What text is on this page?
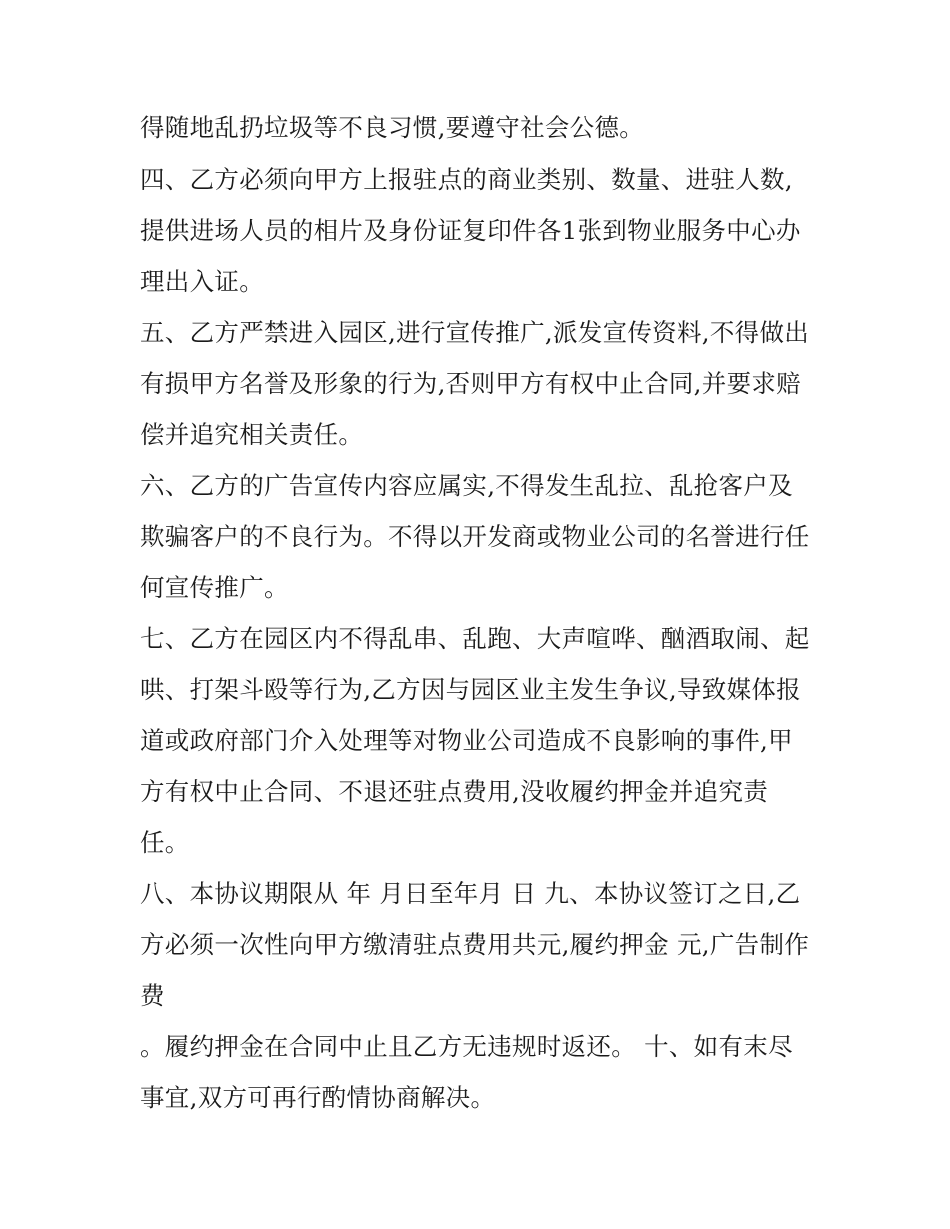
得随地乱扔垃圾等不良习惯,要遵守社会公德。
四、乙方必须向甲方上报驻点的商业类别、数量、进驻人数,
提供进场人员的相片及身份证复印件各1张到物业服务中心办
理出入证。
五、乙方严禁进入园区,进行宣传推广,派发宣传资料,不得做出
有损甲方名誉及形象的行为,否则甲方有权中止合同,并要求赔
偿并追究相关责任。
六、乙方的广告宣传内容应属实,不得发生乱拉、乱抢客户及
欺骗客户的不良行为。不得以开发商或物业公司的名誉进行任
何宣传推广。
七、乙方在园区内不得乱串、乱跑、大声喧哗、酗酒取闹、起
哄、打架斗殴等行为,乙方因与园区业主发生争议,导致媒体报
道或政府部门介入处理等对物业公司造成不良影响的事件,甲
方有权中止合同、不退还驻点费用,没收履约押金并追究责
任。
八、本协议期限从 年 月日至年月 日 九、本协议签订之日,乙
方必须一次性向甲方缴清驻点费用共元,履约押金 元,广告制作
费
。履约押金在合同中止且乙方无违规时返还。 十、如有末尽
事宜,双方可再行酌情协商解决。
